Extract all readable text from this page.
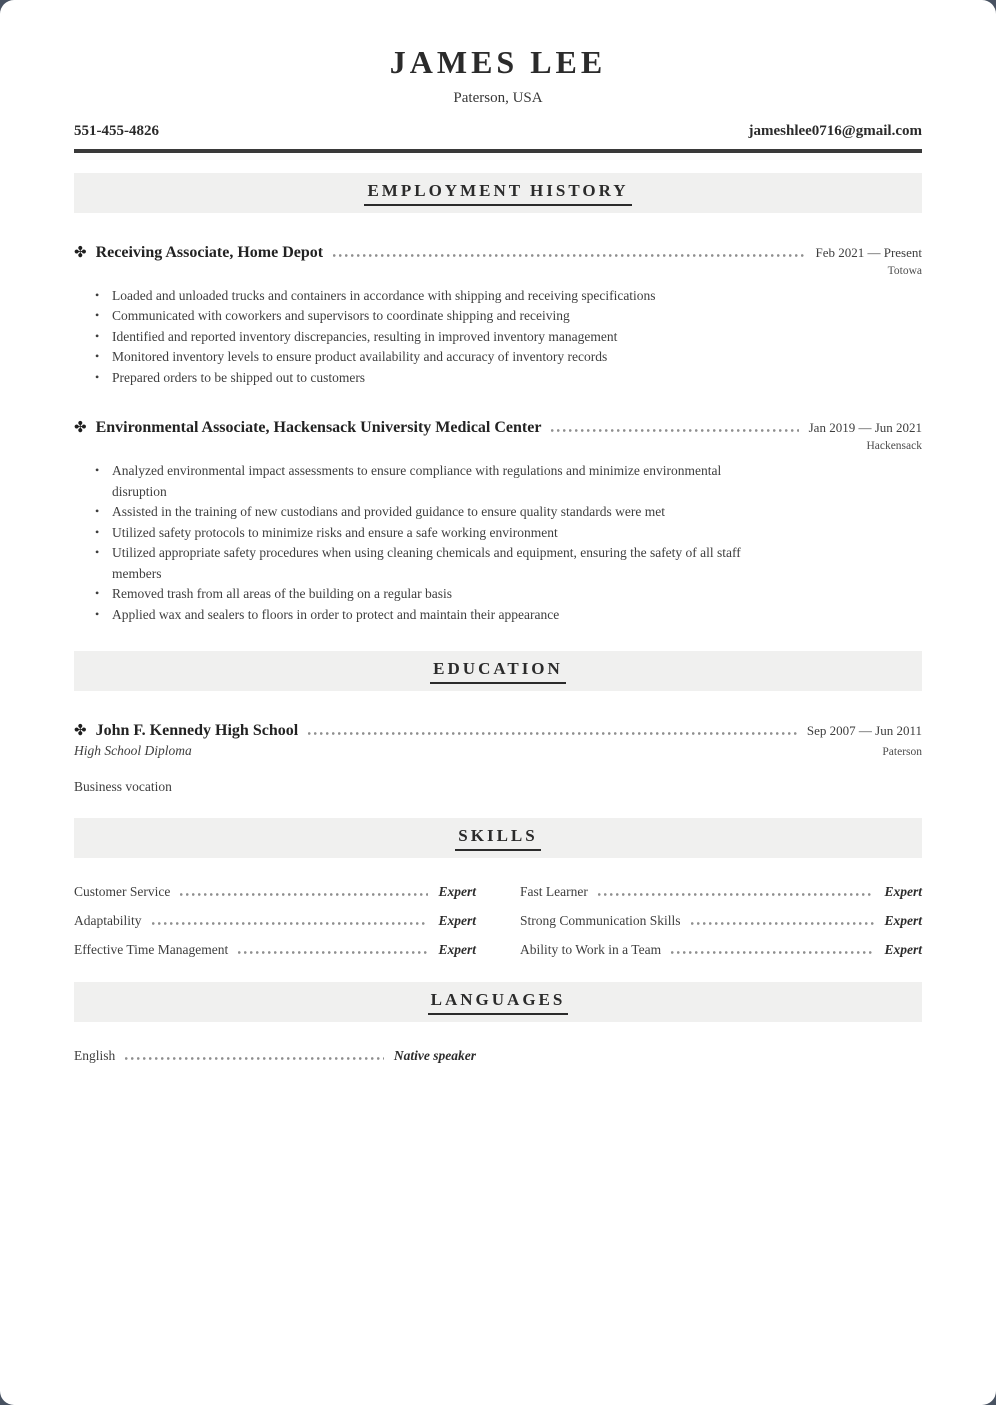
JAMES LEE
Paterson, USA
551-455-4826	jameshlee0716@gmail.com
EMPLOYMENT HISTORY
✤ Receiving Associate, Home Depot	Feb 2021 — Present
Totowa
• Loaded and unloaded trucks and containers in accordance with shipping and receiving specifications
• Communicated with coworkers and supervisors to coordinate shipping and receiving
• Identified and reported inventory discrepancies, resulting in improved inventory management
• Monitored inventory levels to ensure product availability and accuracy of inventory records
• Prepared orders to be shipped out to customers
✤ Environmental Associate, Hackensack University Medical Center	Jan 2019 — Jun 2021
Hackensack
• Analyzed environmental impact assessments to ensure compliance with regulations and minimize environmental disruption
• Assisted in the training of new custodians and provided guidance to ensure quality standards were met
• Utilized safety protocols to minimize risks and ensure a safe working environment
• Utilized appropriate safety procedures when using cleaning chemicals and equipment, ensuring the safety of all staff members
• Removed trash from all areas of the building on a regular basis
• Applied wax and sealers to floors in order to protect and maintain their appearance
EDUCATION
✤ John F. Kennedy High School	Sep 2007 — Jun 2011
High School Diploma	Paterson
Business vocation
SKILLS
Customer Service	Expert	Fast Learner	Expert
Adaptability	Expert	Strong Communication Skills	Expert
Effective Time Management	Expert	Ability to Work in a Team	Expert
LANGUAGES
English	Native speaker
